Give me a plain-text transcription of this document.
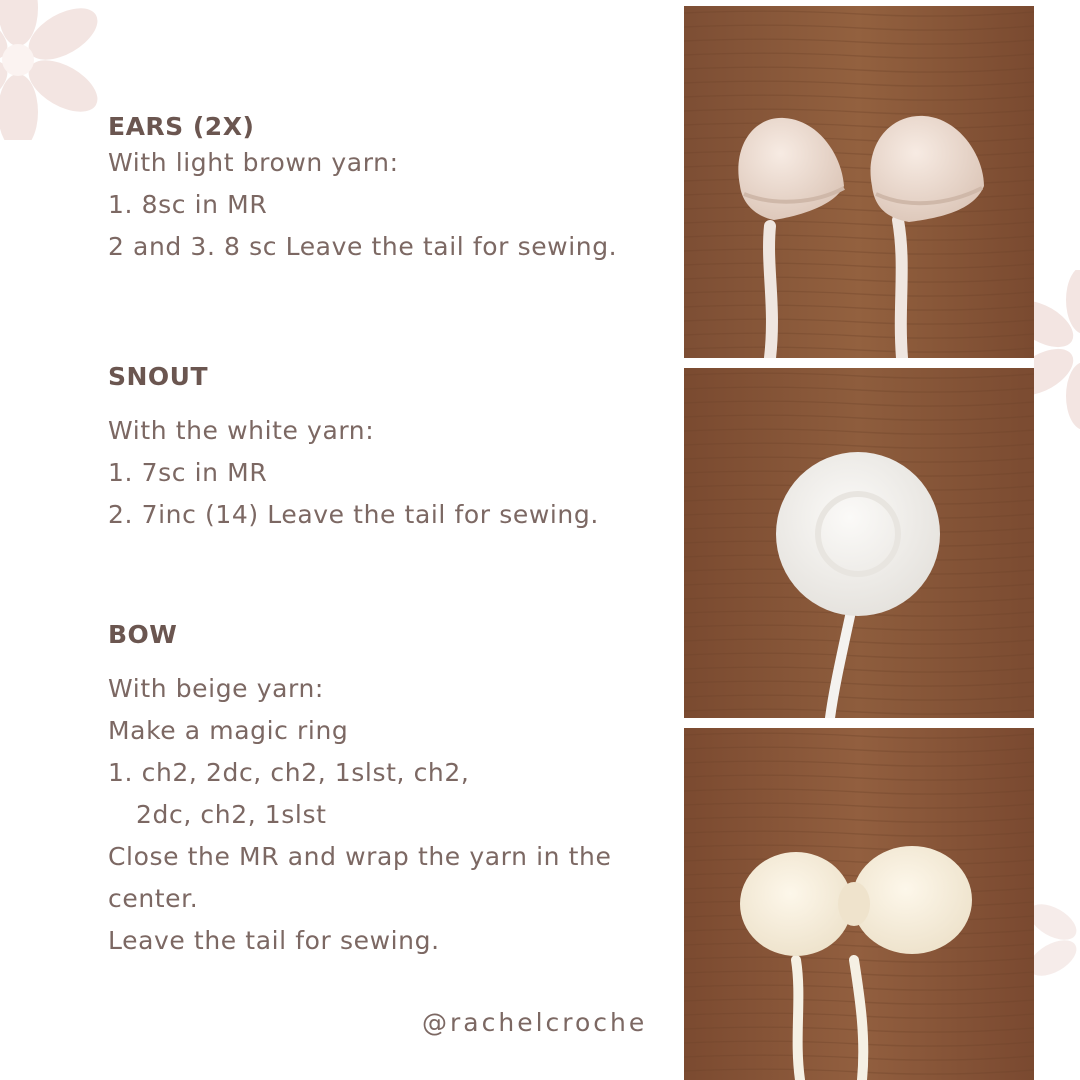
EARS (2X)
With light brown yarn:
1. 8sc in MR
2 and 3. 8 sc Leave the tail for sewing.
SNOUT
With the white yarn:
1. 7sc in MR
2. 7inc (14) Leave the tail for sewing.
BOW
With beige yarn:
Make a magic ring
1. ch2, 2dc, ch2, 1slst, ch2,
2dc, ch2, 1slst
Close the MR and wrap the yarn in the
center.
Leave the tail for sewing.
@rachelcroche
